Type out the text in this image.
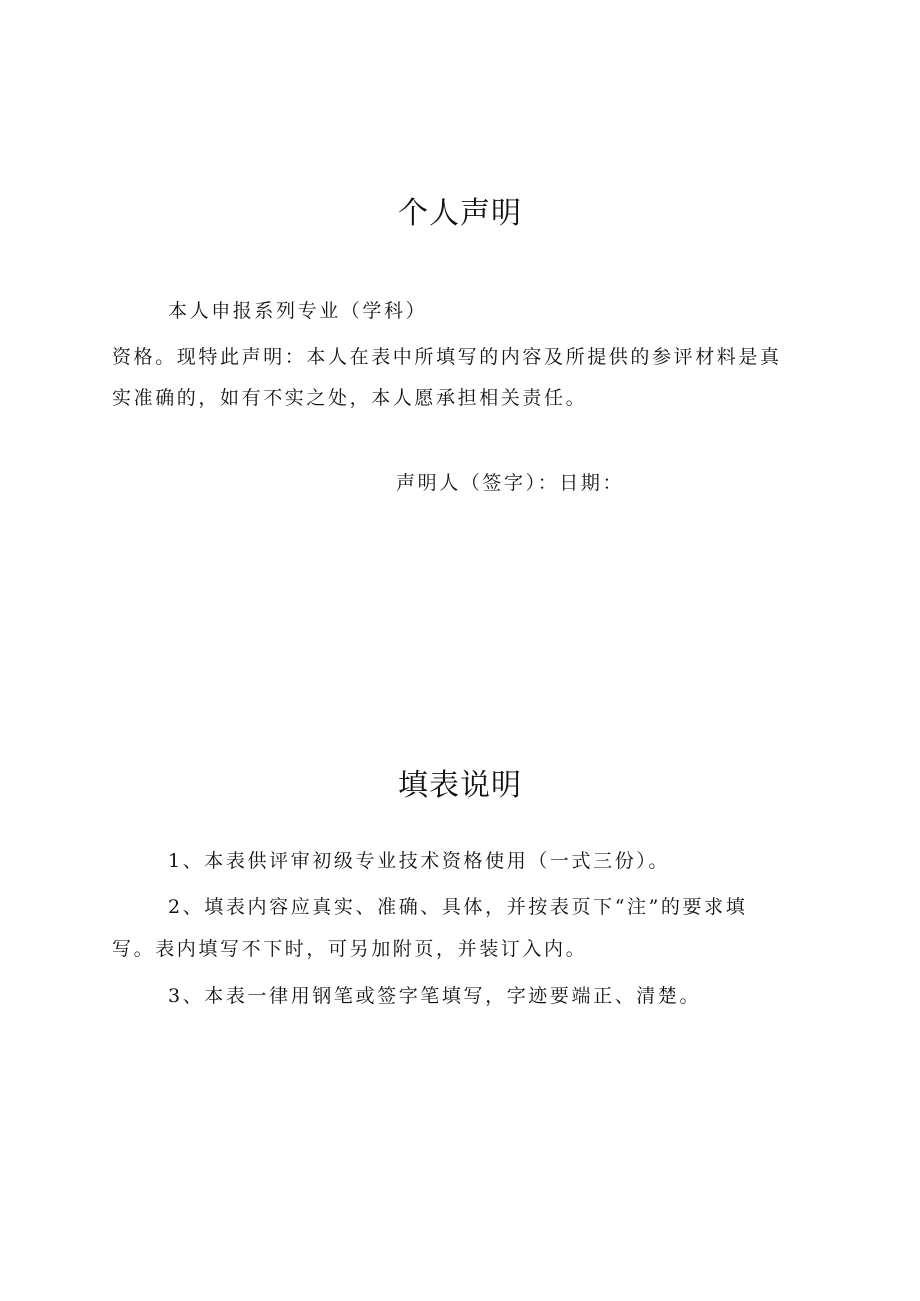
个人声明

本人申报系列专业（学科）

资格。现特此声明：本人在表中所填写的内容及所提供的参评材料是真

实准确的，如有不实之处，本人愿承担相关责任。

声明人（签字）：日期：

填表说明

1、本表供评审初级专业技术资格使用（一式三份）。

2、填表内容应真实、准确、具体，并按表页下“注”的要求填

写。表内填写不下时，可另加附页，并装订入内。

3、本表一律用钢笔或签字笔填写，字迹要端正、清楚。
